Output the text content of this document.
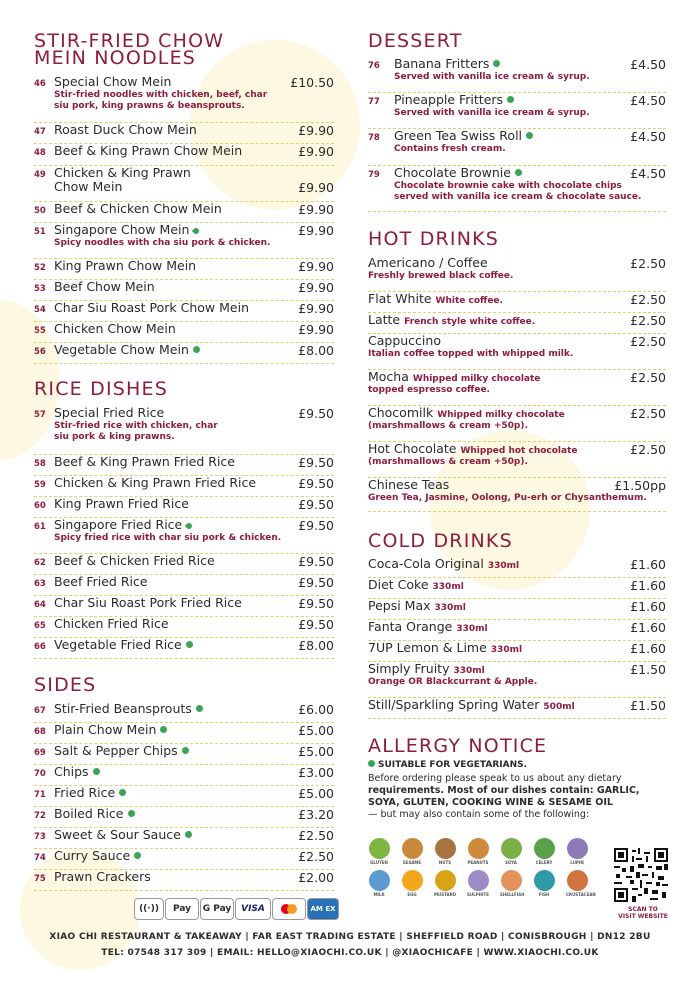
STIR-FRIED CHOW
MEIN NOODLES
46 Special Chow Mein	£10.50
Stir-fried noodles with chicken, beef, char
siu pork, king prawns & beansprouts.
47 Roast Duck Chow Mein	£9.90
48 Beef & King Prawn Chow Mein	£9.90
49 Chicken & King Prawn
Chow Mein	£9.90
50 Beef & Chicken Chow Mein	£9.90
51 Singapore Chow Mein	£9.90
Spicy noodles with cha siu pork & chicken.
52 King Prawn Chow Mein	£9.90
53 Beef Chow Mein	£9.90
54 Char Siu Roast Pork Chow Mein	£9.90
55 Chicken Chow Mein	£9.90
56 Vegetable Chow Mein	£8.00
RICE DISHES
57 Special Fried Rice	£9.50
Stir-fried rice with chicken, char
siu pork & king prawns.
58 Beef & King Prawn Fried Rice	£9.50
59 Chicken & King Prawn Fried Rice	£9.50
60 King Prawn Fried Rice	£9.50
61 Singapore Fried Rice	£9.50
Spicy fried rice with char siu pork & chicken.
62 Beef & Chicken Fried Rice	£9.50
63 Beef Fried Rice	£9.50
64 Char Siu Roast Pork Fried Rice	£9.50
65 Chicken Fried Rice	£9.50
66 Vegetable Fried Rice	£8.00
SIDES
67 Stir-Fried Beansprouts	£6.00
68 Plain Chow Mein	£5.00
69 Salt & Pepper Chips	£5.00
70 Chips	£3.00
71 Fried Rice	£5.00
72 Boiled Rice	£3.20
73 Sweet & Sour Sauce	£2.50
74 Curry Sauce	£2.50
75 Prawn Crackers	£2.00
DESSERT
76 Banana Fritters	£4.50
Served with vanilla ice cream & syrup.
77 Pineapple Fritters	£4.50
Served with vanilla ice cream & syrup.
78 Green Tea Swiss Roll	£4.50
Contains fresh cream.
79 Chocolate Brownie	£4.50
Chocolate brownie cake with chocolate chips
served with vanilla ice cream & chocolate sauce.
HOT DRINKS
Americano / Coffee	£2.50
Freshly brewed black coffee.
Flat White White coffee.	£2.50
Latte French style white coffee.	£2.50
Cappuccino	£2.50
Italian coffee topped with whipped milk.
Mocha Whipped milky chocolate	£2.50
topped espresso coffee.
Chocomilk Whipped milky chocolate	£2.50
(marshmallows & cream +50p).
Hot Chocolate Whipped hot chocolate	£2.50
(marshmallows & cream +50p).
Chinese Teas	£1.50pp
Green Tea, Jasmine, Oolong, Pu-erh or Chysanthemum.
COLD DRINKS
Coca-Cola Original 330ml	£1.60
Diet Coke 330ml	£1.60
Pepsi Max 330ml	£1.60
Fanta Orange 330ml	£1.60
7UP Lemon & Lime 330ml	£1.60
Simply Fruity 330ml	£1.50
Orange OR Blackcurrant & Apple.
Still/Sparkling Spring Water 500ml	£1.50
ALLERGY NOTICE
SUITABLE FOR VEGETARIANS.
Before ordering please speak to us about any dietary
requirements. Most of our dishes contain: GARLIC,
SOYA, GLUTEN, COOKING WINE & SESAME OIL
— but may also contain some of the following:
GLUTEN	SESAME	NUTS	PEANUTS	SOYA	CELERY	LUPIN
MILK	EGG	MUSTARD	SULPHITE	SHELLFISH	FISH	CRUSTACEAN
SCAN TO
VISIT WEBSITE
((·))	Pay	G Pay	VISA	AM EX
XIAO CHI RESTAURANT & TAKEAWAY | FAR EAST TRADING ESTATE | SHEFFIELD ROAD | CONISBROUGH | DN12 2BU
TEL: 07548 317 309 | EMAIL: HELLO@XIAOCHI.CO.UK | @XIAOCHICAFE | WWW.XIAOCHI.CO.UK
